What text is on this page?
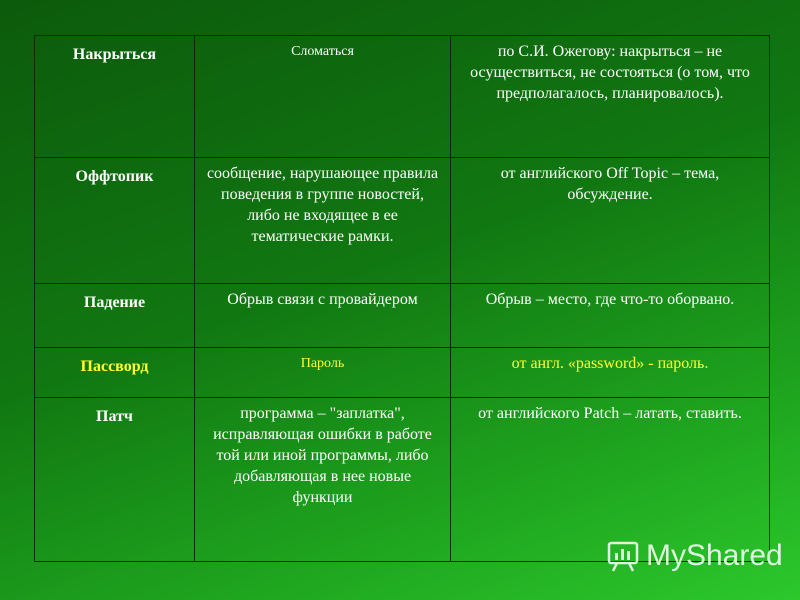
Накрыться	Сломаться	по С.И. Ожегову: накрыться – не осуществиться, не состояться (о том, что предполагалось, планировалось).
Оффтопик	сообщение, нарушающее правила поведения в группе новостей, либо не входящее в ее тематические рамки.	от английского Off Topic – тема, обсуждение.
Падение	Обрыв связи с провайдером	Обрыв – место, где что-то оборвано.
Пассворд	Пароль	от англ. «password» - пароль.
Патч	программа – "заплатка", исправляющая ошибки в работе той или иной программы, либо добавляющая в нее новые функции	от английского Patch – латать, ставить.
MyShared
